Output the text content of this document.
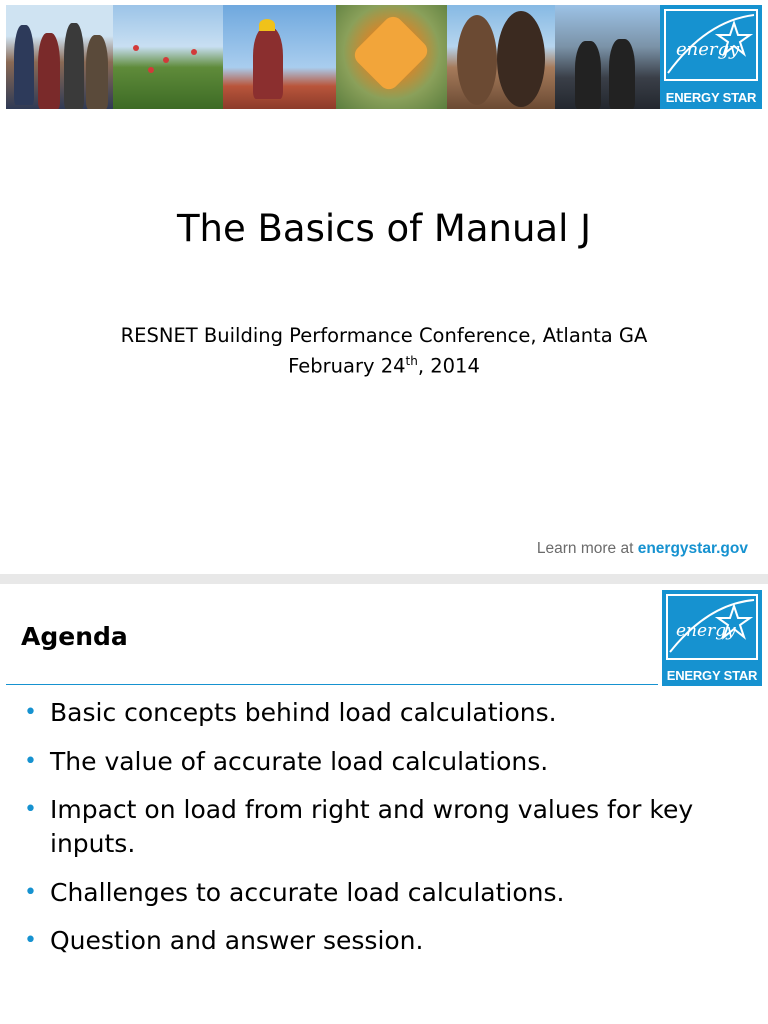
energy
ENERGY STAR
The Basics of Manual J
RESNET Building Performance Conference, Atlanta GA
February 24th, 2014
Learn more at energystar.gov
Agenda	energy
ENERGY STAR
• Basic concepts behind load calculations.
• The value of accurate load calculations.
• Impact on load from right and wrong values for key inputs.
• Challenges to accurate load calculations.
• Question and answer session.
